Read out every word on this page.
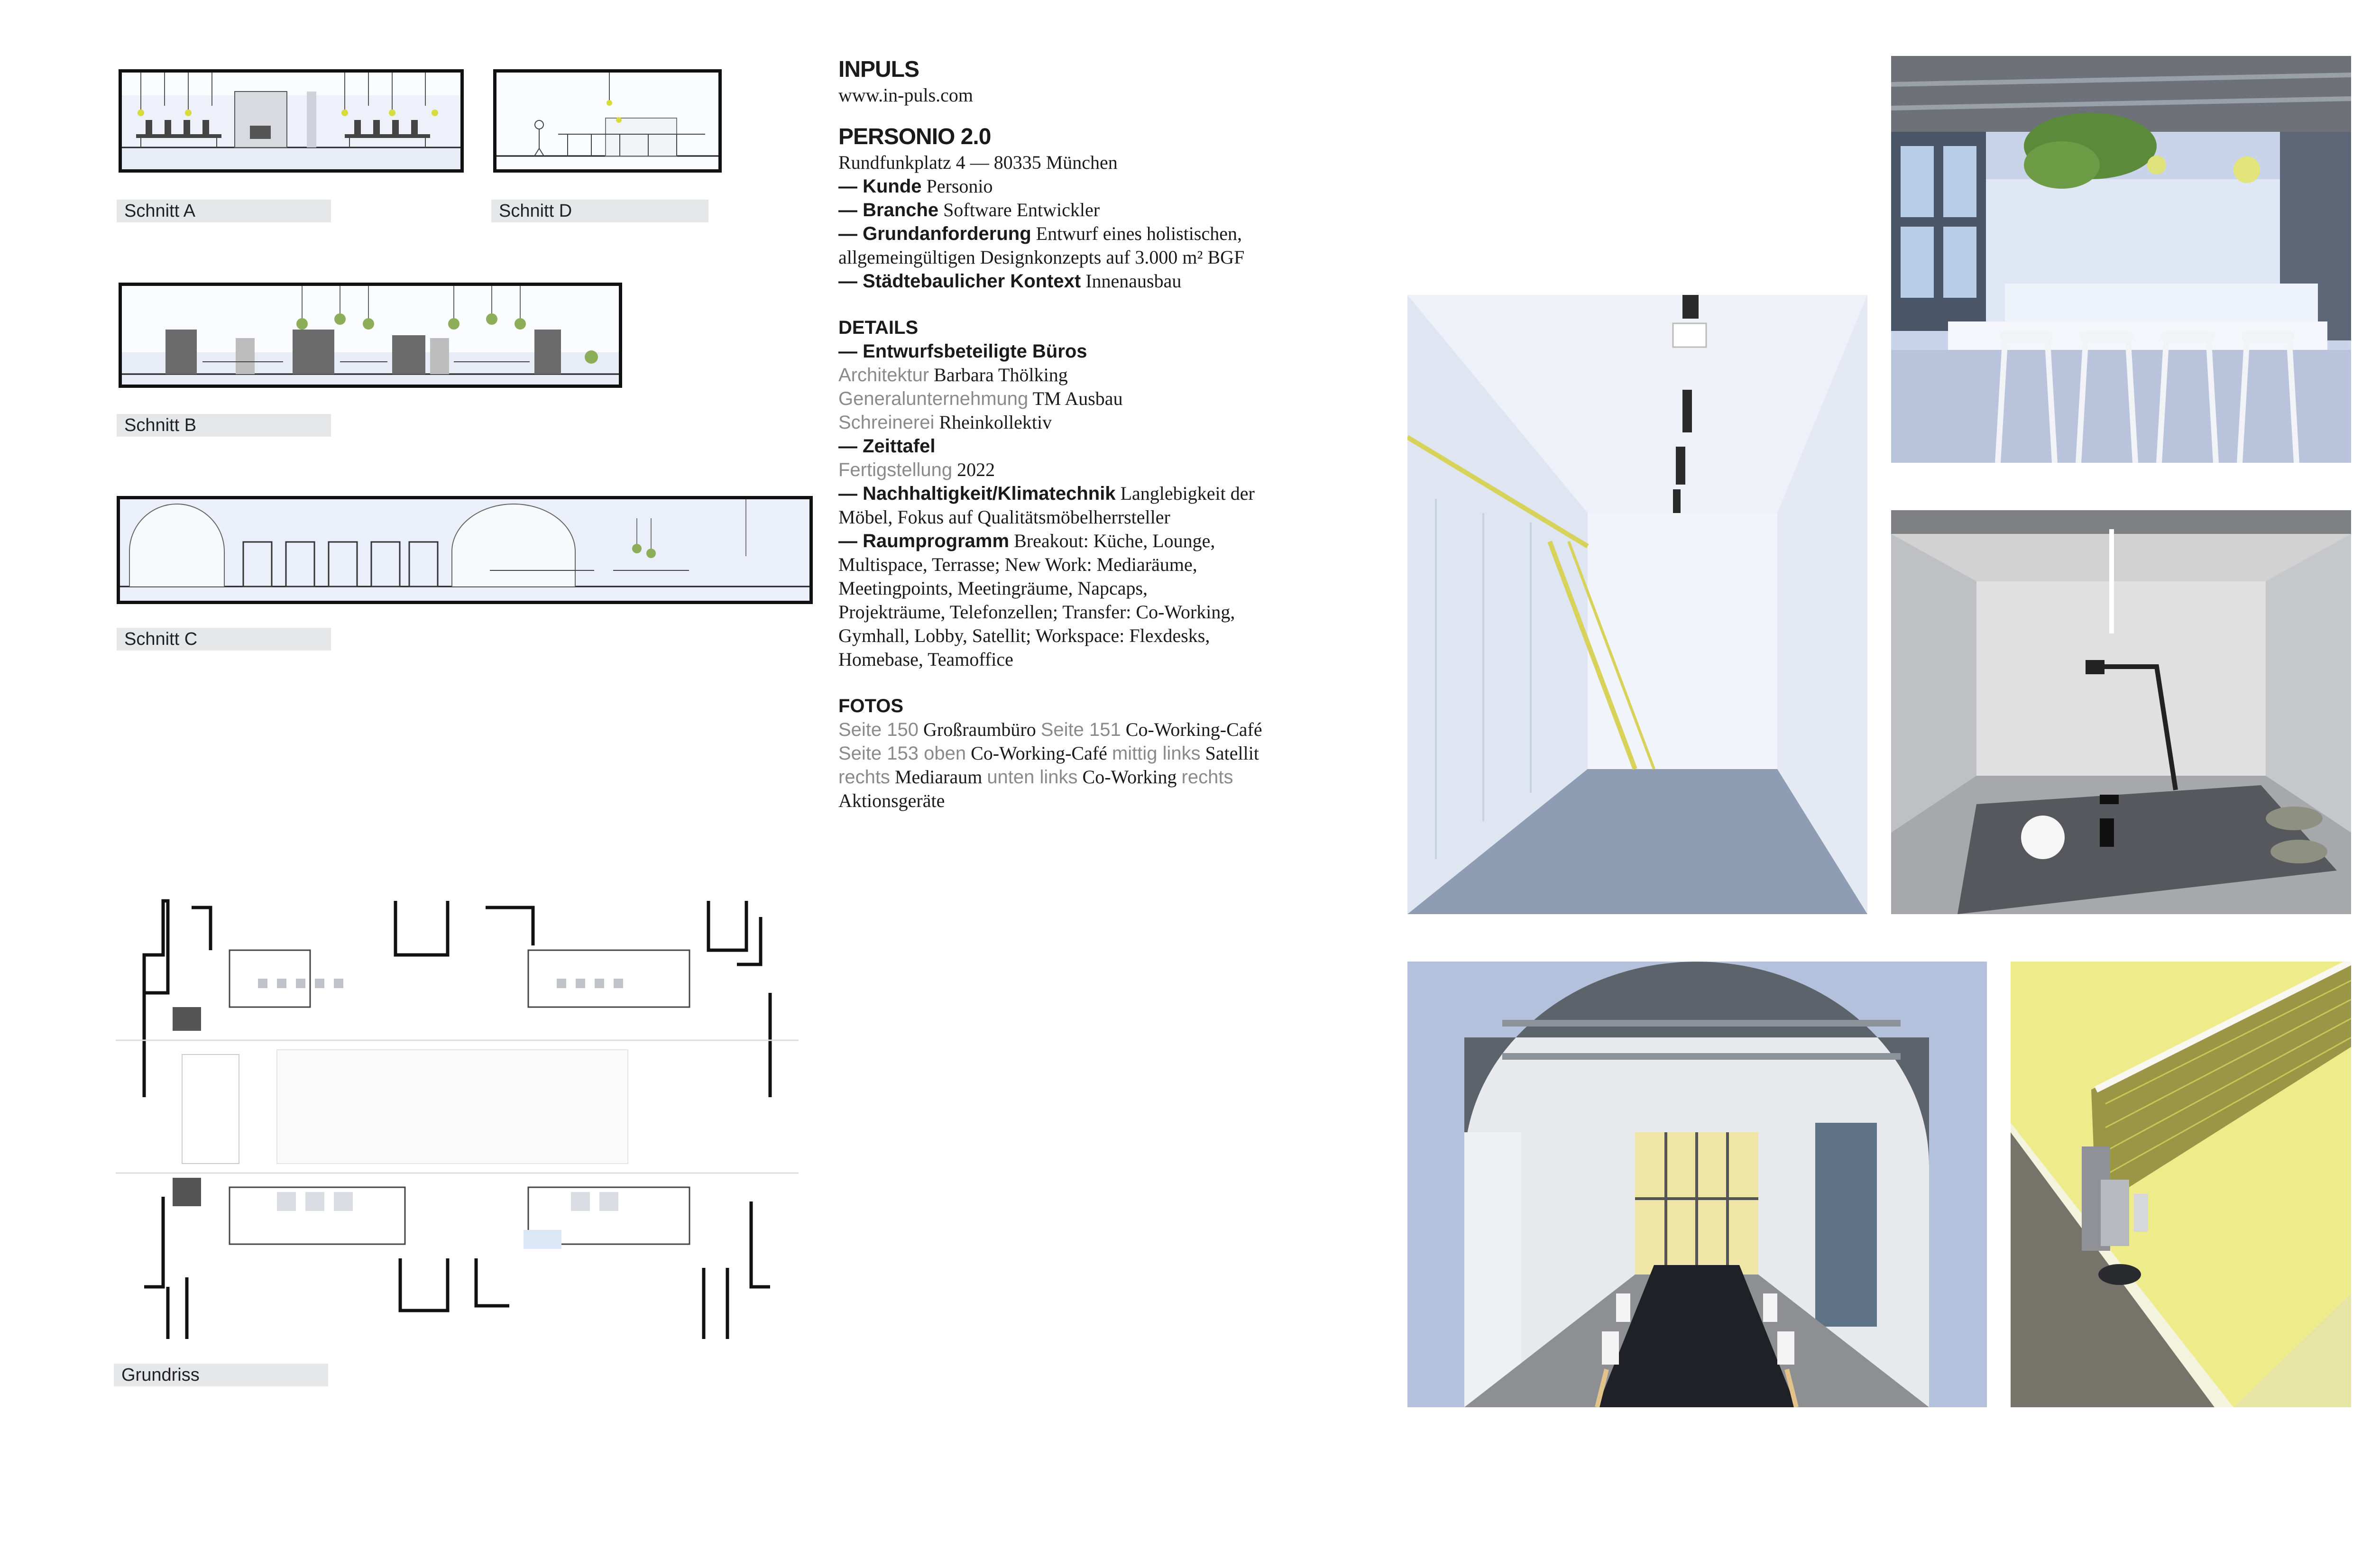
Schnitt A	Schnitt D
Schnitt B
Schnitt C
Grundriss
INPULS
www.in-puls.com
PERSONIO 2.0
Rundfunkplatz 4 — 80335 München
— Kunde Personio
— Branche Software Entwickler
— Grundanforderung Entwurf eines holistischen,
allgemeingültigen Designkonzepts auf 3.000 m² BGF
— Städtebaulicher Kontext Innenausbau
DETAILS
— Entwurfsbeteiligte Büros
Architektur Barbara Thölking
Generalunternehmung TM Ausbau
Schreinerei Rheinkollektiv
— Zeittafel
Fertigstellung 2022
— Nachhaltigkeit/Klimatechnik Langlebigkeit der
Möbel, Fokus auf Qualitätsmöbelherrsteller
— Raumprogramm Breakout: Küche, Lounge,
Multispace, Terrasse; New Work: Mediaräume,
Meetingpoints, Meetingräume, Napcaps,
Projekträume, Telefonzellen; Transfer: Co-Working,
Gymhall, Lobby, Satellit; Workspace: Flexdesks,
Homebase, Teamoffice
FOTOS
Seite 150 Großraumbüro Seite 151 Co-Working-Café
Seite 153 oben Co-Working-Café mittig links Satellit
rechts Mediaraum unten links Co-Working rechts
Aktionsgeräte
